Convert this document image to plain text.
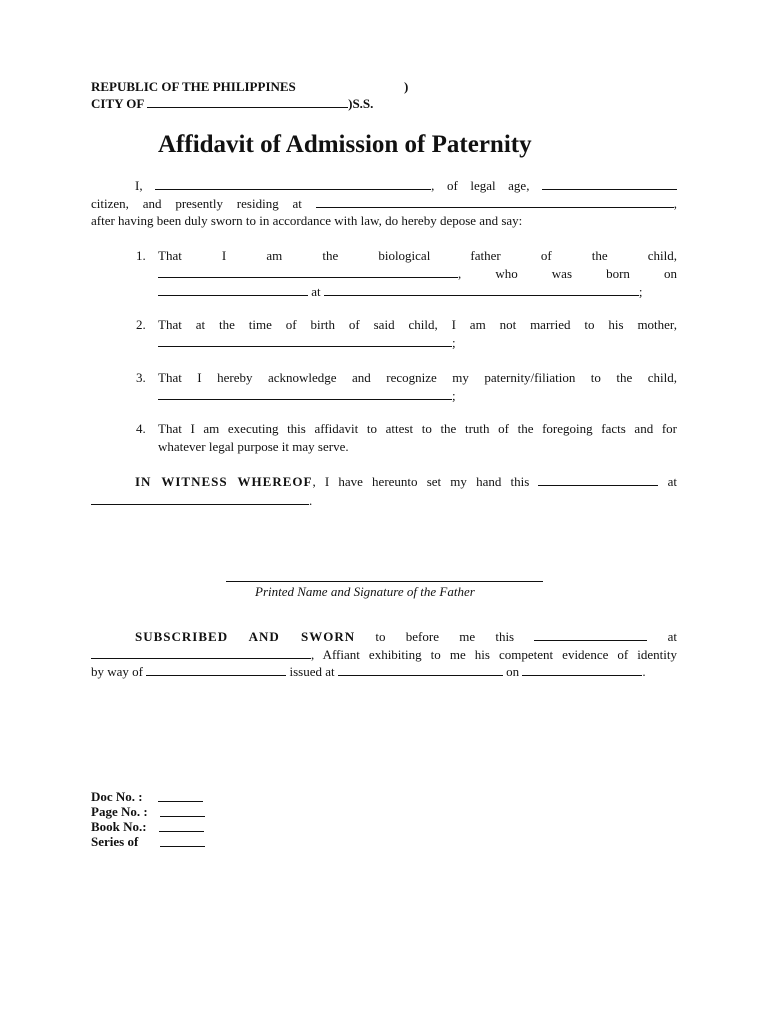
REPUBLIC OF THE PHILIPPINES	)
CITY OF	)S.S.
Affidavit of Admission of Paternity
I,	, of legal age,
citizen, and presently residing at	,
after having been duly sworn to in accordance with law, do hereby depose and say:
1. That I am the biological father of the child,
, who was born on
at	;
2. That at the time of birth of said child, I am not married to his mother,
;
3. That I hereby acknowledge and recognize my paternity/filiation to the child,
;
4. That I am executing this affidavit to attest to the truth of the foregoing facts and for
whatever legal purpose it may serve.
IN WITNESS WHEREOF, I have hereunto set my hand this	at
.
Printed Name and Signature of the Father
SUBSCRIBED AND SWORN to before me this	at
, Affiant exhibiting to me his competent evidence of identity
by way of	issued at	on	.
Doc No. :
Page No. :
Book No.:
Series of
